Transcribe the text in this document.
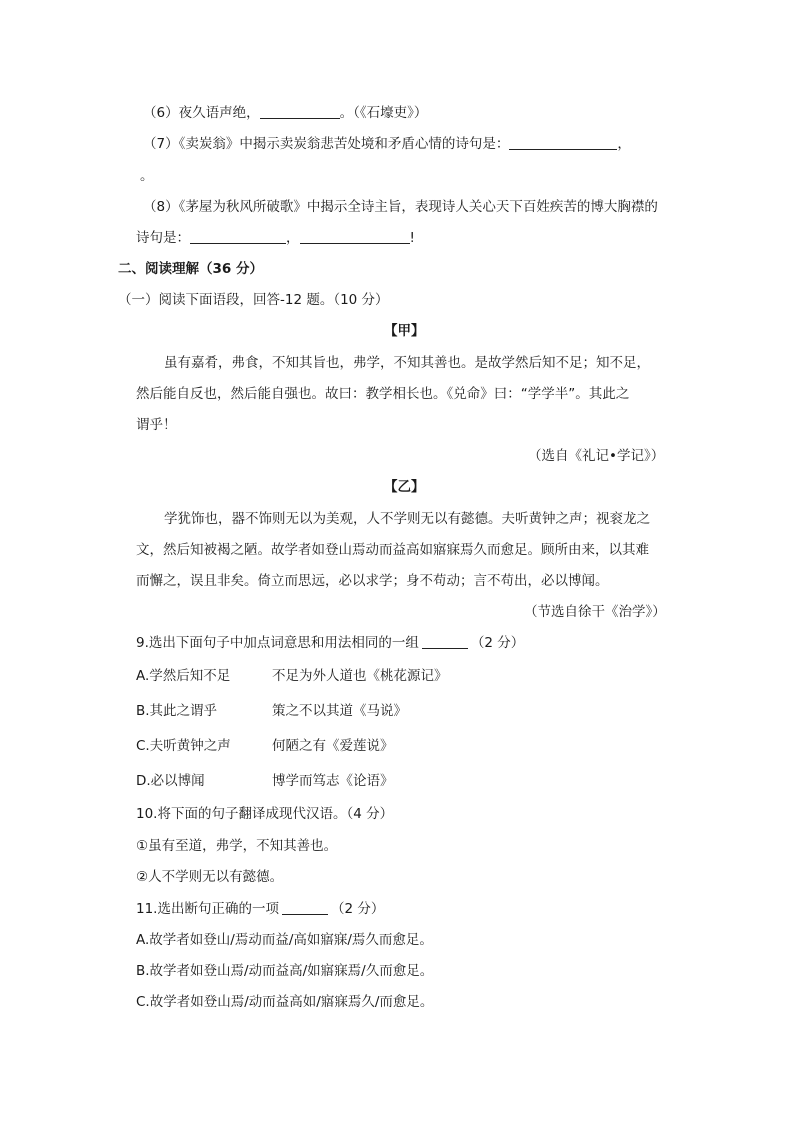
（6）夜久语声绝，	。（《石壕吏》）
（7）《卖炭翁》中揭示卖炭翁悲苦处境和矛盾心情的诗句是：	，
。
（8）《茅屋为秋风所破歌》中揭示全诗主旨，表现诗人关心天下百姓疾苦的博大胸襟的
诗句是：	，	!
二、阅读理解（36 分）
（一）阅读下面语段，回答-12 题。（10 分）
【甲】
虽有嘉肴，弗食，不知其旨也，弗学，不知其善也。是故学然后知不足；知不足，
然后能自反也，然后能自强也。故曰：教学相长也。《兑命》曰：“学学半”。其此之
谓乎！
（选自《礼记•学记》）
【乙】
学犹饰也，器不饰则无以为美观，人不学则无以有懿德。夫听黄钟之声；视衮龙之
文，然后知被褐之陋。故学者如登山焉动而益高如寤寐焉久而愈足。顾所由来，以其难
而懈之，误且非矣。倚立而思远，必以求学；身不苟动；言不苟出，必以博闻。
（节选自徐干《治学》）
9.选出下面句子中加点词意思和用法相同的一组	（2 分）
A.学然后知不足	不足为外人道也《桃花源记》
B.其此之谓乎	策之不以其道《马说》
C.夫听黄钟之声	何陋之有《爱莲说》
D.必以博闻	博学而笃志《论语》
10.将下面的句子翻译成现代汉语。（4 分）
①虽有至道，弗学，不知其善也。
②人不学则无以有懿德。
11.选出断句正确的一项	（2 分）
A.故学者如登山/焉动而益/高如寤寐/焉久而愈足。
B.故学者如登山焉/动而益高/如寤寐焉/久而愈足。
C.故学者如登山焉/动而益高如/寤寐焉久/而愈足。
